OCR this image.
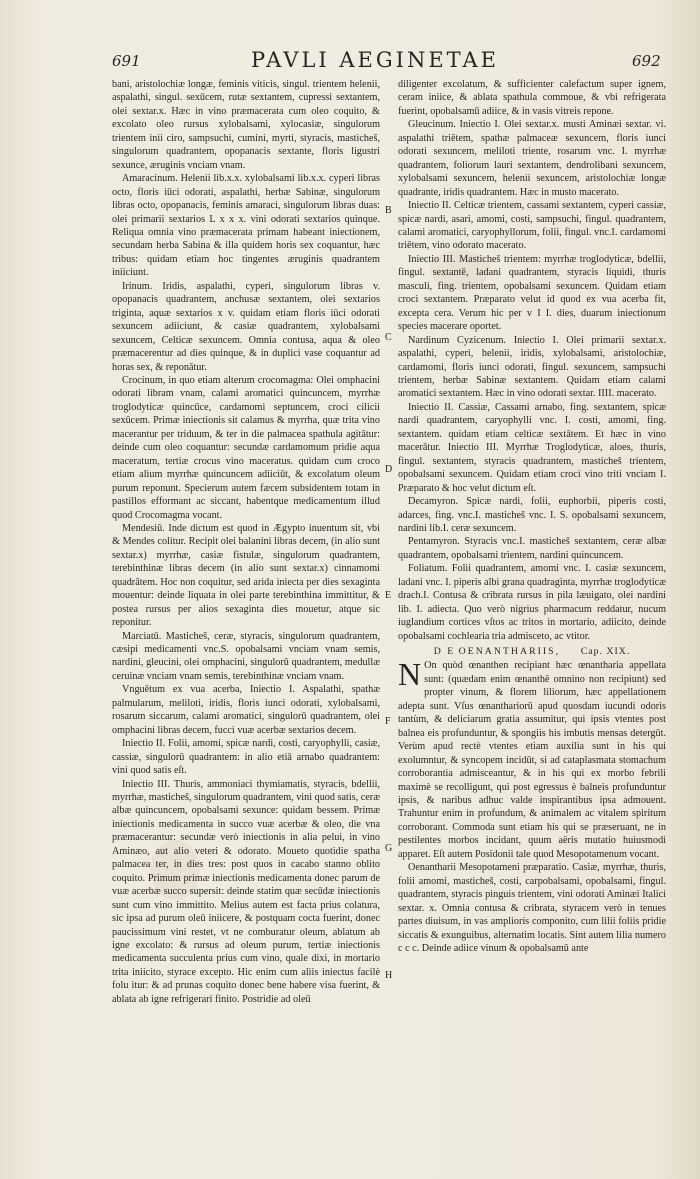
691	PAVLI AEGINETAE	692

bani, aristolochiæ longæ, feminis viticis, singul. trientem helenii, aspalathi, singul. sexūcem, rutæ sextantem, cupressi sextantem, olei sextar.x. Hæc in vino præmacerata cum oleo coquito, & excolato oleo rursus xylobalsami, xylocasiæ, singulorum trientem inii ciro, sampsuchi, cumini, myrti, styracis, masticheš, singulorum quadrantem, opopanacis sextante, floris ligustri sexunce, æruginis vnciam vnam.

Amaracinum. Helenii lib.x.x. xylobalsami lib.x.x. cyperi libras octo, floris iūci odorati, aspalathi, herbæ Sabinæ, singulorum libras octo, opopanacis, feminis amaraci, singulorum libras duas: olei primarii sextarios L x x x. vini odorati sextarios quinque. Reliqua omnia vino præmacerata primam habeant iniectionem, secundam herba Sabina & illa quidem horis sex coquantur, hæc tribus: quidam etiam hoc tingentes æruginis quadrantem iniiciunt.

Irinum. Iridis, aspalathi, cyperi, singulorum libras v. opopanacis quadrantem, anchusæ sextantem, olei sextarios triginta, aquæ sextarios x v. quidam etiam floris iūci odorati sexuncem adiiciunt, & casiæ quadrantem, xylobalsami sexuncem, Celticæ sexuncem. Omnia contusa, aqua & oleo præmacerentur ad dies quinque, & in duplici vase coquantur ad horas sex, & reponātur.

Crocinum, in quo etiam alterum crocomagma: Olei omphacini odorati libram vnam, calami aromatici quincuncem, myrrhæ troglodyticæ quincūce, cardamomi septuncem, croci cilicii sexūcem. Primæ iniectionis sit calamus & myrrha, quæ trita vino macerantur per triduum, & ter in die palmacea spathula agitātur: deinde cum oleo coquantur: secundæ cardamomum pridie aqua maceratum, tertiæ crocus vino maceratus. quidam cum croco etiam alium myrrhæ quincuncem adiiciūt, & excolatum oleum purum reponunt. Specierum autem fæcem subsidentem totam in pastillos efformant ac siccant, habentque medicamentum illud quod Crocomagma vocant.

Mendesiū. Inde dictum est quod in Ægypto inuentum sit, vbi & Mendes colitur. Recipit olei balanini libras decem, (in alio sunt sextar.x) myrrhæ, casiæ fistulæ, singulorum quadrantem, terebinthinæ libras decem (in alio sunt sextar.x) cinnamomi quadrātem. Hoc non coquitur, sed arida iniecta per dies sexaginta mouentur: deinde liquata in olei parte terebinthina immittitur, & postea rursus per alios sexaginta dies mouetur, atque sic reponitur.

Marciatū. Masticheš, ceræ, styracis, singulorum quadrantem, cæsipi medicamenti vnc.S. opobalsami vnciam vnam semis, nardini, gleucini, olei omphacini, singulorū quadrantem, medullæ ceruinæ vnciam vnam semis, terebinthinæ vnciam vnam.

Vnguētum ex vua acerba, Iniectio I. Aspalathi, spathæ palmularum, meliloti, iridis, floris iunci odorati, xylobalsami, rosarum siccarum, calami aromatici, singulorū quadrantem, olei omphacini libras decem, fucci vuæ acerbæ sextarios decem.

Iniectio II. Folii, amomi, spicæ nardi, costi, caryophylli, casiæ, cassiæ, singulorū quadrantem: in alio etiā arnabo quadrantem: vini quod satis eſt.

Iniectio III. Thuris, ammoniaci thymiamatis, styracis, bdellii, myrrhæ, masticheš, singulorum quadrantem, vini quod satis, ceræ albæ quincuncem, opobalsami sexunce: quidam bessem. Primæ iniectionis medicamenta in succo vuæ acerbæ & oleo, die vna præmacerantur: secundæ verò iniectionis in alia pelui, in vino Aminæo, aut alio veteri & odorato. Moueto quotidie spatha palmacea ter, in dies tres: post quos in cacabo stanno oblito coquito. Primum primæ iniectionis medicamenta donec parum de vuæ acerbæ succo supersit: deinde statim quæ secūdæ iniectionis sunt cum vino immittito. Melius autem est facta prius colatura, sic ipsa ad purum oleū iniicere, & postquam cocta fuerint, donec paucissimum vini restet, vt ne comburatur oleum, ablatum ab igne excolato: & rursus ad oleum purum, tertiæ iniectionis medicamenta succulenta prius cum vino, quale dixi, in mortario trita iniicito, styrace excepto. Hic enim cum aliis iniectus facilè folu itur: & ad prunas coquito donec bene habere visa fuerint, & ablata ab igne refrigerari finito. Postridie ad oleū

diligenter excolatum, & sufficienter calefactum super ignem, ceram iniice, & ablata spathula commoue, & vbi refrigerata fuerint, opobalsamū adiice, & in vasis vitreis repone.

Gleucinum. Iniectio I. Olei sextar.x. musti Aminæi sextar. vi. aspalathi triētem, spathæ palmaceæ sexuncem, floris iunci odorati sexuncem, meliloti triente, rosarum vnc. I. myrrhæ quadrantem, foliorum lauri sextantem, dendrolibani sexuncem, xylobalsami sexuncem, helenii sexuncem, aristolochiæ longæ quadrante, iridis quadrantem. Hæc in musto macerato.

Iniectio II. Celticæ trientem, cassami sextantem, cyperi cassiæ, spicæ nardi, asari, amomi, costi, sampsuchi, fingul. quadrantem, calami aromatici, caryophyllorum, folii, fingul. vnc.I. cardamomi triētem, vino odorato macerato.

Iniectio III. Masticheš trientem: myrrhæ troglodyticæ, bdellii, fingul. sextantē, ladani quadrantem, styracis liquidi, thuris masculi, fing. trientem, opobalsami sexuncem. Quidam etiam croci sextantem. Præparato velut id quod ex vua acerba fit, excepta cera. Verum hic per v I I. dies, duarum iniectionum species macerare oportet.

Nardinum Cyzicenum. Iniectio I. Olei primarii sextar.x. aspalathi, cyperi, helenii, iridis, xylobalsami, aristolochiæ, cardamomi, floris iunci odorati, fingul. sexuncem, sampsuchi trientem, herbæ Sabinæ sextantem. Quidam etiam calami aromatici sextantem. Hæc in vino odorati sextar. IIII. macerato.

Iniectio II. Cassiæ, Cassami arnabo, fing. sextantem, spicæ nardi quadrantem, caryophylli vnc. I. costi, amomi, fing. sextantem. quidam etiam celticæ sextātem. Et hæc in vino macerātur. Iniectio III. Myrrhæ Troglodyticæ, aloes, thuris, fingul. sextantem, styracis quadrantem, masticheš trientem, opobalsami sexuncem. Quidam etiam croci vino triti vnciam I. Præparato & hoc velut dictum eſt.

Decamyron. Spicæ nardi, folii, euphorbii, piperis costi, adarces, fing. vnc.I. masticheš vnc. I. S. opobalsami sexuncem, nardini lib.I. ceræ sexuncem.

Pentamyron. Styracis vnc.I. masticheš sextantem, ceræ albæ quadrantem, opobalsami trientem, nardini quincuncem.

Foliatum. Folii quadrantem, amomi vnc. I. casiæ sexuncem, ladani vnc. I. piperis albi grana quadraginta, myrrhæ troglodyticæ drach.I. Contusa & cribrata rursus in pila læuigato, olei nardini lib. I. adiecta. Quo verò nigrius pharmacum reddatur, nucum iuglandium cortices vſtos ac tritos in mortario, adiicito, deinde opobalsami cochlearia tria admisceto, ac vtitor.

D E OENANTHARIIS, Cap. XIX.

N On quòd œnanthen recipiant hæc œnantharia appellata sunt: (quædam enim œnanthē omnino non recipiunt) sed propter vinum, & florem liliorum, hæc appellationem adepta sunt. Vſus œnanthariorū apud quosdam iucundi odoris tantùm, & deliciarum gratia assumitur, qui ipsis vtentes post balnea eis profunduntur, & spongiis his imbutis mensas detergūt. Verùm apud rectè vtentes etiam auxilia sunt in his qui exolumntur, & syncopem incidūt, si ad cataplasmata stomachum corroborantia admisceantur, & in his qui ex morbo febrili maximè se recolligunt, qui post egressus è balneis profunduntur ipsis, & naribus adhuc valde inspirantibus ipsa admouent. Trahuntur enim in profundum, & animalem ac vitalem spiritum corroborant. Commoda sunt etiam his qui se præseruant, ne in pestilentes morbos incidant, quum aëris mutatio huiusmodi apparet. Eſt autem Posidonii tale quod Mesopotamenum vocant.

Oenantharii Mesopotameni præparatio. Casiæ, myrrhæ, thuris, folii amomi, masticheš, costi, carpobalsami, opobalsami, fingul. quadrantem, styracis pinguis trientem, vini odorati Aminæi Italici sextar. x. Omnia contusa & cribrata, styracem verò in tenues partes diuisum, in vas ampliorís componito, cum lilii foliis pridie siccatis & exunguibus, alternatim locatis. Sint autem lilia numero c c c. Deinde adiice vinum & opobalsamū ante

B
C
D
E
F
G
H
